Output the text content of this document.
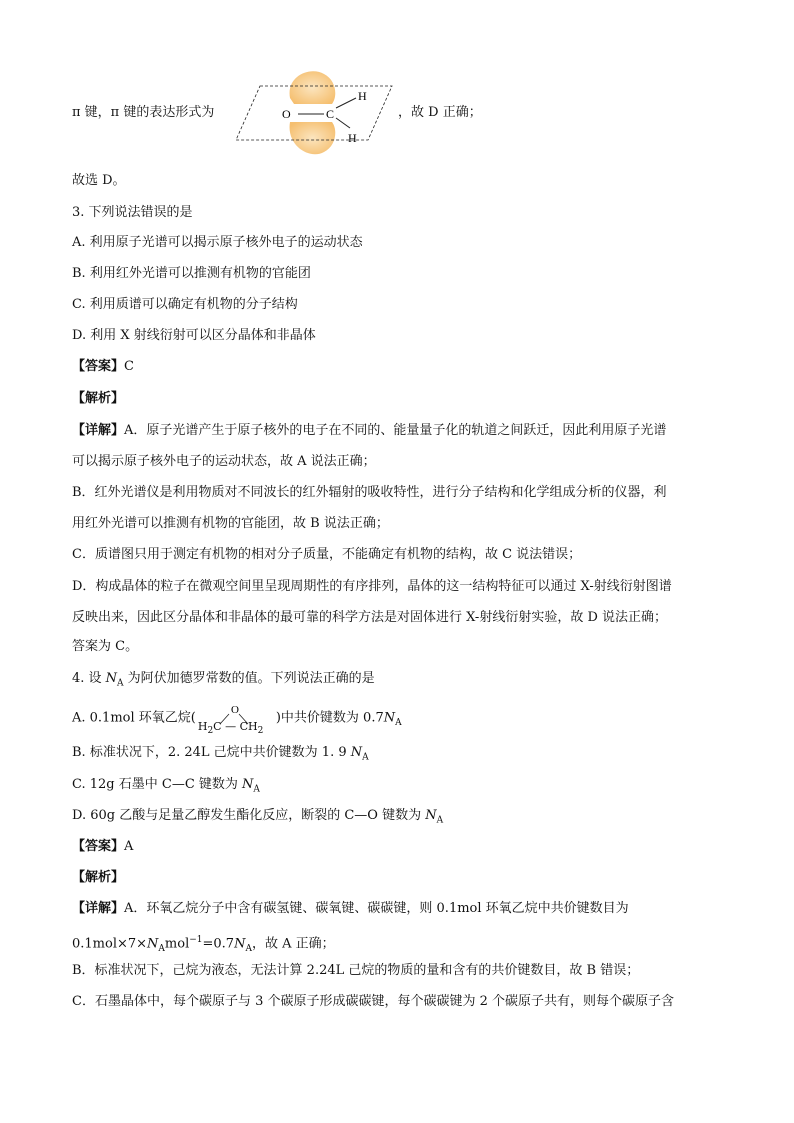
π 键，π 键的表达形式为	O	C
H
H
，故 D 正确；
故选 D。
3. 下列说法错误的是
A. 利用原子光谱可以揭示原子核外电子的运动状态
B. 利用红外光谱可以推测有机物的官能团
C. 利用质谱可以确定有机物的分子结构
D. 利用 X 射线衍射可以区分晶体和非晶体
【答案】C
【解析】
【详解】A．原子光谱产生于原子核外的电子在不同的、能量量子化的轨道之间跃迁，因此利用原子光谱
可以揭示原子核外电子的运动状态，故 A 说法正确；
B．红外光谱仪是利用物质对不同波长的红外辐射的吸收特性，进行分子结构和化学组成分析的仪器，利
用红外光谱可以推测有机物的官能团，故 B 说法正确；
C．质谱图只用于测定有机物的相对分子质量，不能确定有机物的结构，故 C 说法错误；
D．构成晶体的粒子在微观空间里呈现周期性的有序排列，晶体的这一结构特征可以通过 X-射线衍射图谱
反映出来，因此区分晶体和非晶体的最可靠的科学方法是对固体进行 X-射线衍射实验，故 D 说法正确；
答案为 C。
4. 设 $N_A$ 为阿伏加德罗常数的值。下列说法正确的是
A. 0.1mol 环氧乙烷(
O
$H_2C$ — $CH_2$
)中共价键数为 $0.7N_A$
B. 标准状况下，2. 24L 己烷中共价键数为 1. 9 $N_A$
C. 12g 石墨中 C—C 键数为 $N_A$
D. 60g 乙酸与足量乙醇发生酯化反应，断裂的 C—O 键数为 $N_A$
【答案】A
【解析】
【详解】A．环氧乙烷分子中含有碳氢键、碳氧键、碳碳键，则 0.1mol 环氧乙烷中共价键数目为
$0.1mol\times 7\times N_Amol^{-1}=0.7N_A$，故 A 正确；
B．标准状况下，己烷为液态，无法计算 2.24L 己烷的物质的量和含有的共价键数目，故 B 错误；
C．石墨晶体中，每个碳原子与 3 个碳原子形成碳碳键，每个碳碳键为 2 个碳原子共有，则每个碳原子含
